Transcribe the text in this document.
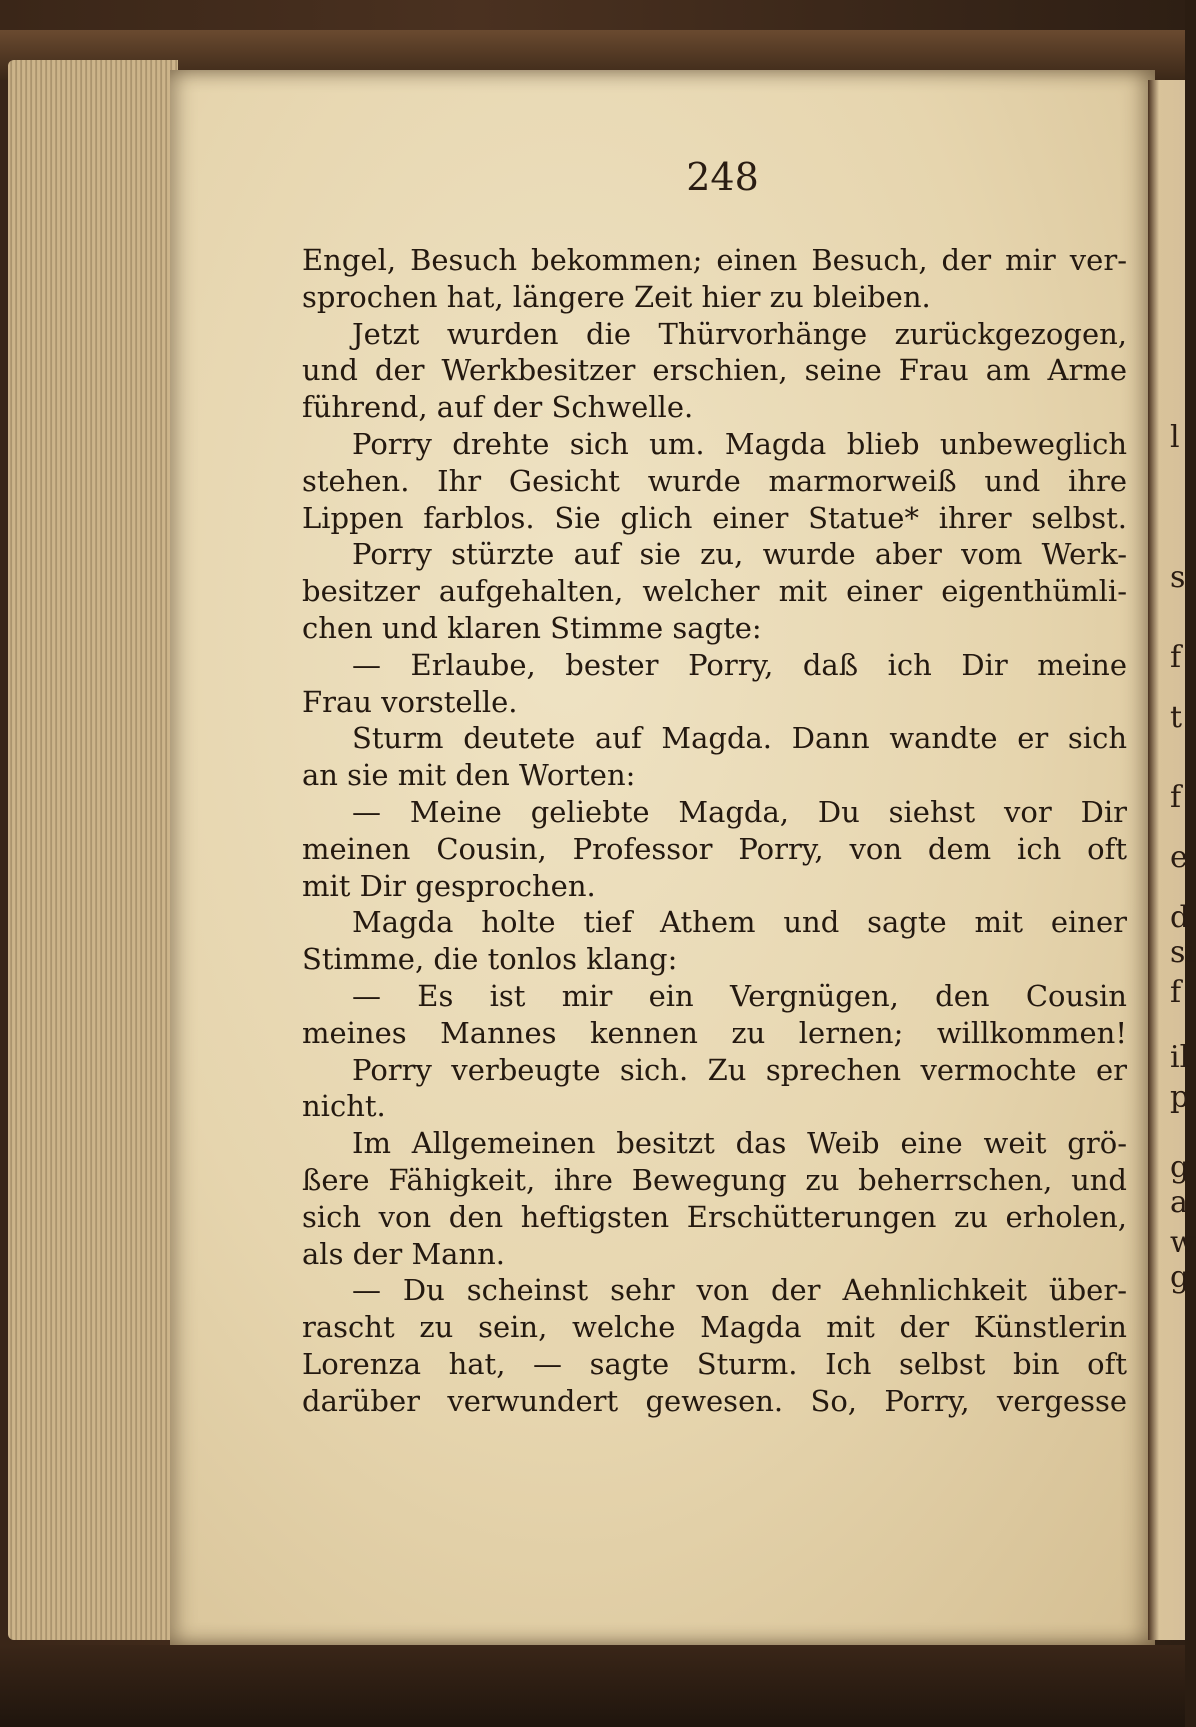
248
Engel, Besuch bekommen; einen Besuch, der mir ver-
sprochen hat, längere Zeit hier zu bleiben.
Jetzt wurden die Thürvorhänge zurückgezogen,
und der Werkbesitzer erschien, seine Frau am Arme
führend, auf der Schwelle.
Porry drehte sich um. Magda blieb unbeweglich
stehen. Ihr Gesicht wurde marmorweiß und ihre
Lippen farblos. Sie glich einer Statue* ihrer selbst.
Porry stürzte auf sie zu, wurde aber vom Werk-
besitzer aufgehalten, welcher mit einer eigenthümli-
chen und klaren Stimme sagte:
— Erlaube, bester Porry, daß ich Dir meine
Frau vorstelle.
Sturm deutete auf Magda. Dann wandte er sich
an sie mit den Worten:
— Meine geliebte Magda, Du siehst vor Dir
meinen Cousin, Professor Porry, von dem ich oft
mit Dir gesprochen.
Magda holte tief Athem und sagte mit einer
Stimme, die tonlos klang:
— Es ist mir ein Vergnügen, den Cousin
meines Mannes kennen zu lernen; willkommen!
Porry verbeugte sich. Zu sprechen vermochte er
nicht.
Im Allgemeinen besitzt das Weib eine weit grö-
ßere Fähigkeit, ihre Bewegung zu beherrschen, und
sich von den heftigsten Erschütterungen zu erholen,
als der Mann.
— Du scheinst sehr von der Aehnlichkeit über-
rascht zu sein, welche Magda mit der Künstlerin
Lorenza hat, — sagte Sturm. Ich selbst bin oft
darüber verwundert gewesen. So, Porry, vergesse
l
s
f
t
f
e
d
si
f
il
p
g
a
w
g
